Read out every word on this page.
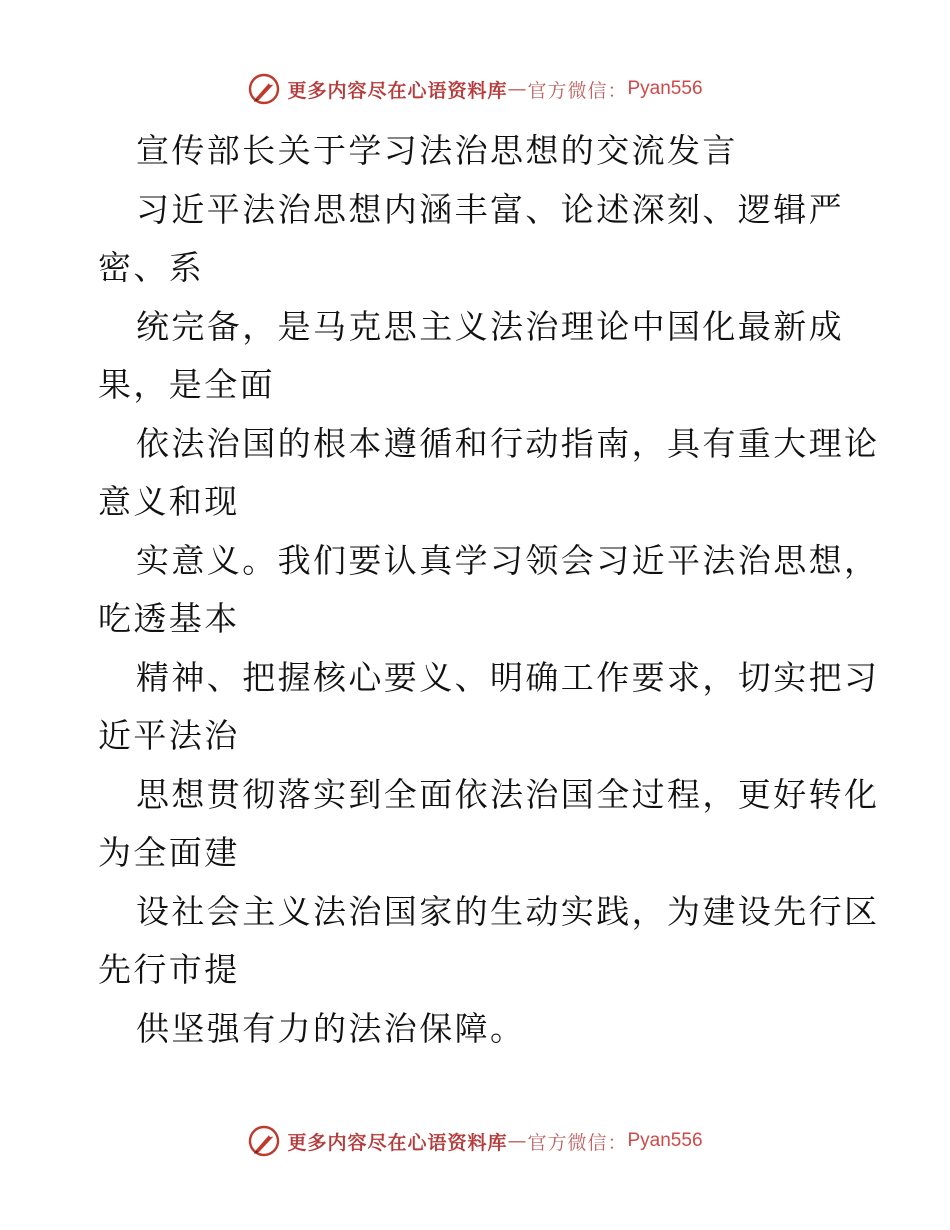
更多内容尽在心语资料库 — 官方微信： Pyan556

宣传部长关于学习法治思想的交流发言

习近平法治思想内涵丰富、论述深刻、逻辑严

密、系

统完备，是马克思主义法治理论中国化最新成

果，是全面

依法治国的根本遵循和行动指南，具有重大理论

意义和现

实意义。我们要认真学习领会习近平法治思想，

吃透基本

精神、把握核心要义、明确工作要求，切实把习

近平法治

思想贯彻落实到全面依法治国全过程，更好转化

为全面建

设社会主义法治国家的生动实践，为建设先行区

先行市提

供坚强有力的法治保障。

更多内容尽在心语资料库 — 官方微信： Pyan556
